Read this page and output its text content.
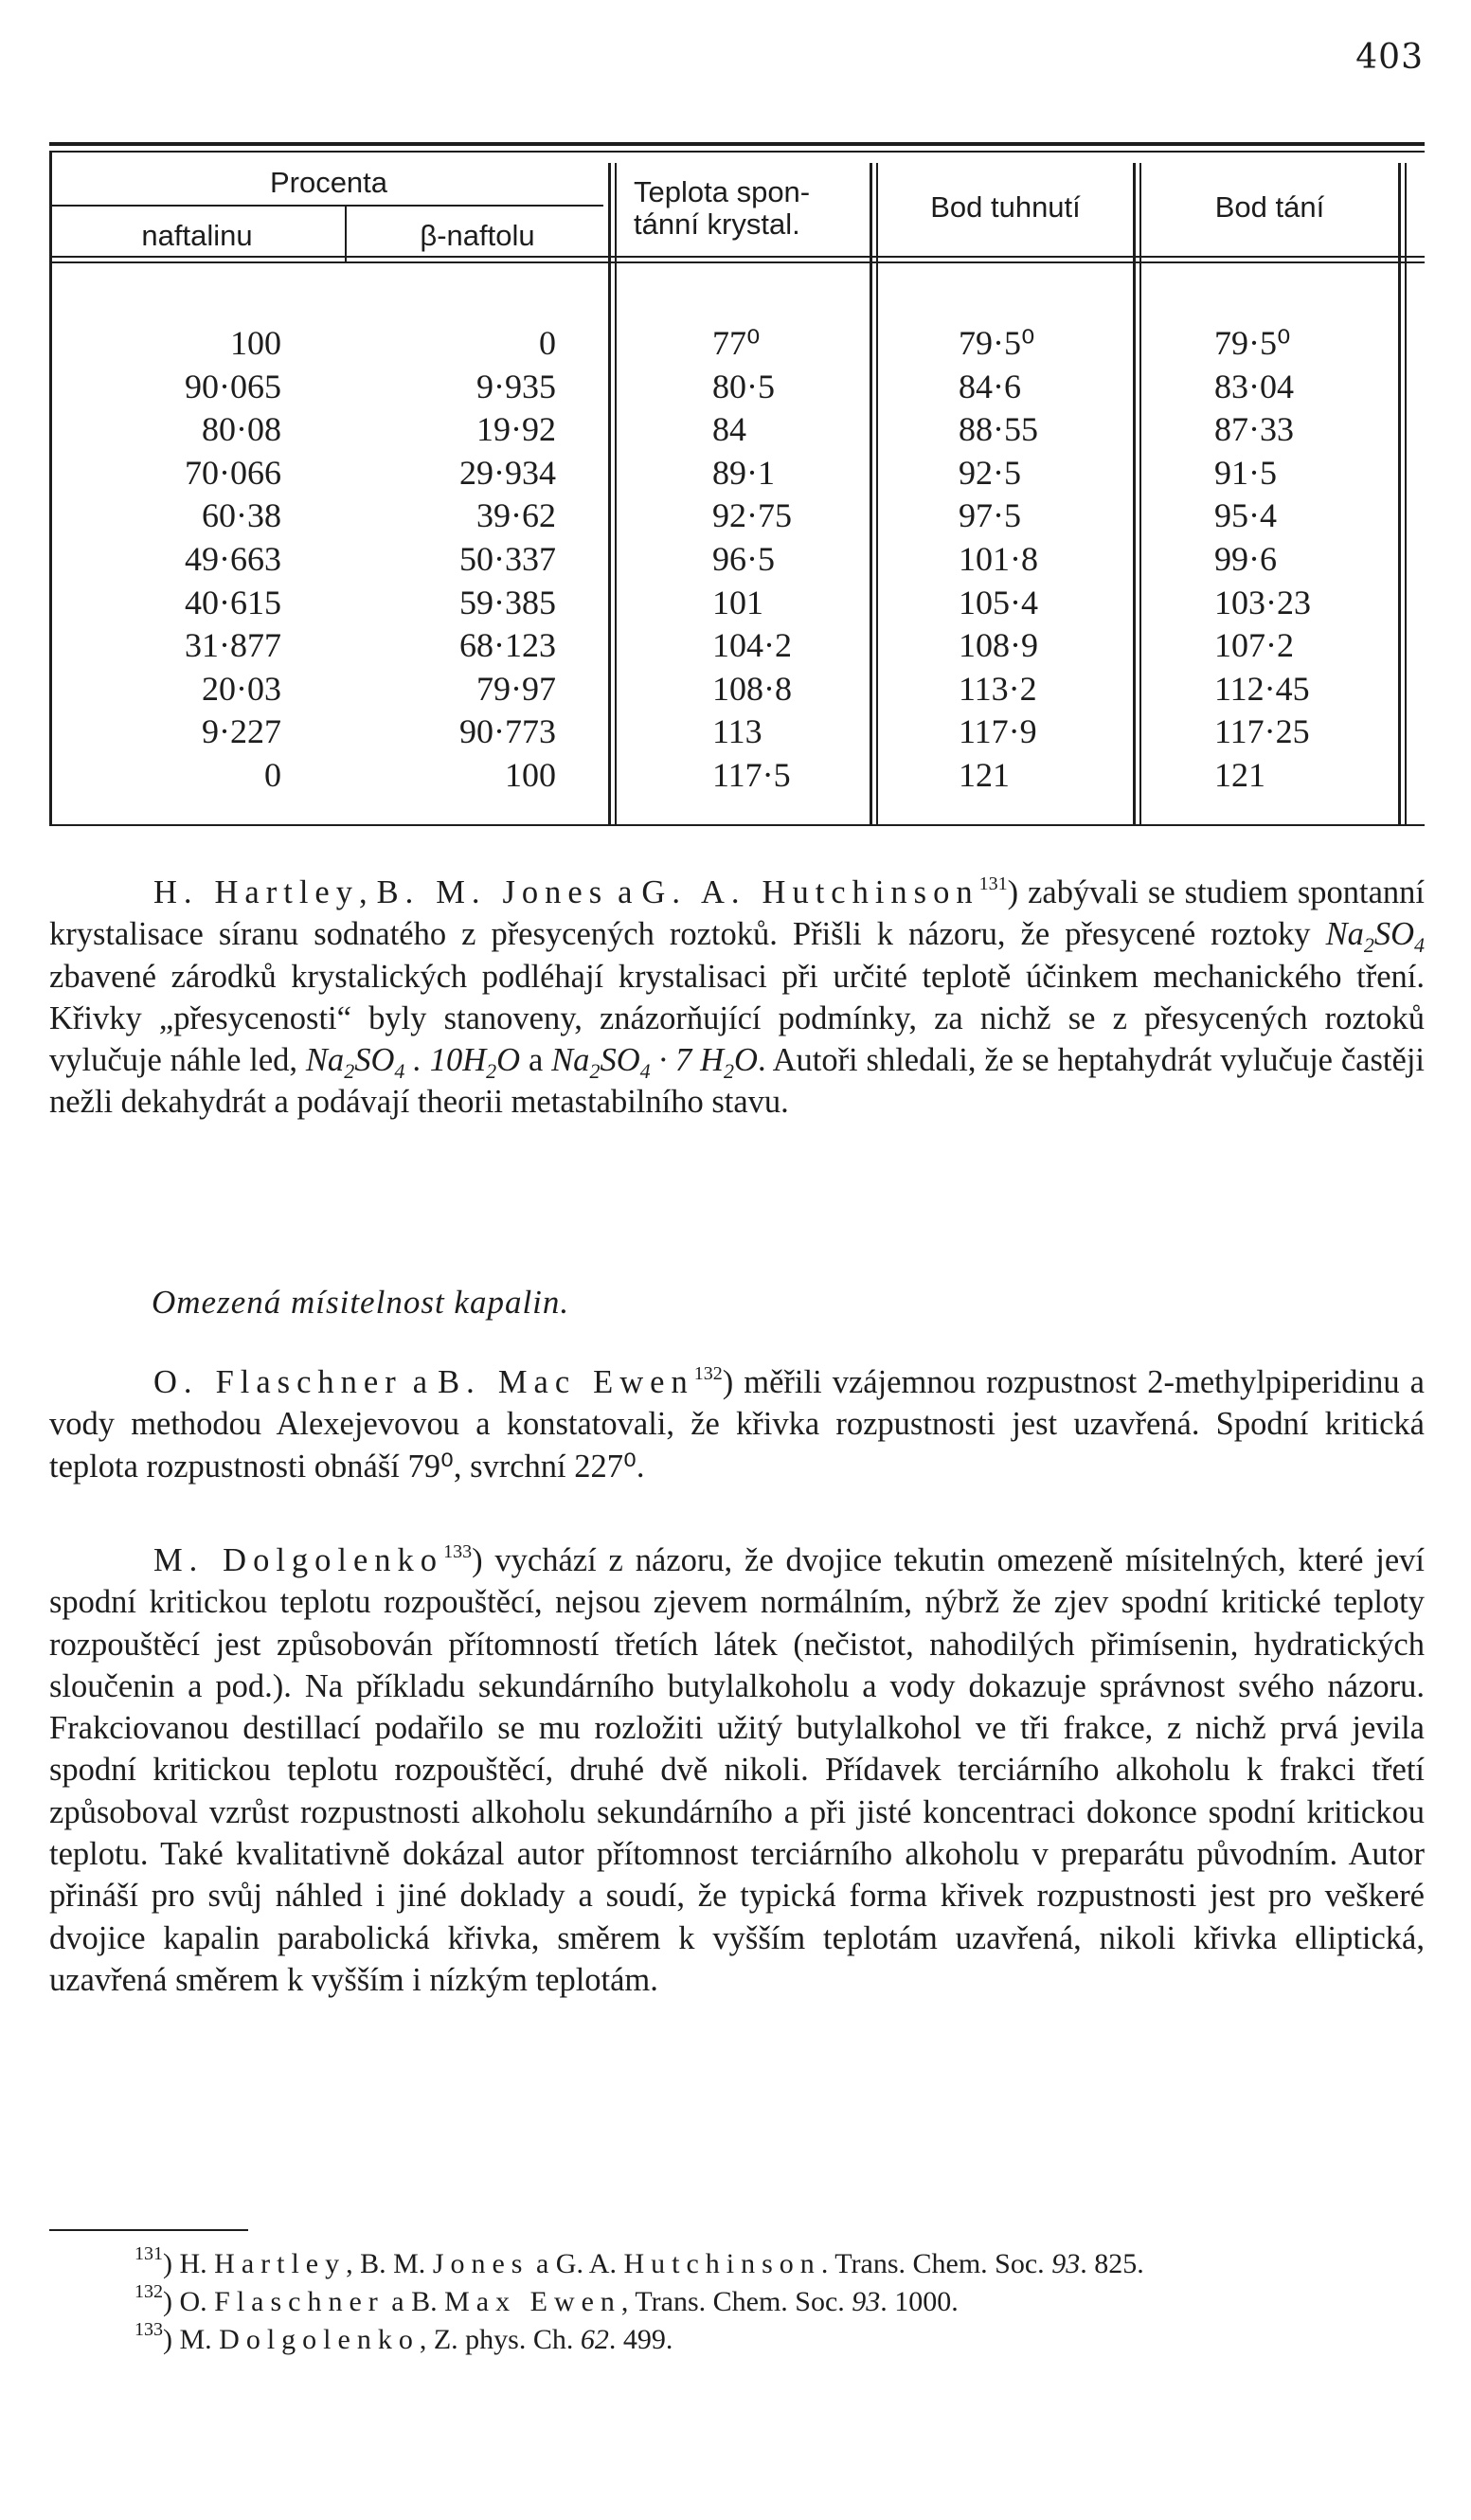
403
Procenta
naftalinu	β-naftolu
Teplota spon-
tánní krystal.
Bod tuhnutí	Bod tání
100	0	77⁰	79·5⁰	79·5⁰
90·065	9·935	80·5	84·6	83·04
80·08	19·92	84	88·55	87·33
70·066	29·934	89·1	92·5	91·5
60·38	39·62	92·75	97·5	95·4
49·663	50·337	96·5	101·8	99·6
40·615	59·385	101	105·4	103·23
31·877	68·123	104·2	108·9	107·2
20·03	79·97	108·8	113·2	112·45
9·227	90·773	113	117·9	117·25
0	100	117·5	121	121

H. Hartley, B. M. Jones a G. A. Hutchinson$^{131}$) zabývali se studiem spontanní krystalisace síranu sodnatého z přesycených roztoků. Přišli k názoru, že přesycené roztoky $Na_2SO_4$ zbavené zárodků krystalických podléhají krystalisaci při určité teplotě účinkem mechanického tření. Křivky „přesycenosti“ byly stanoveny, znázorňující podmínky, za nichž se z přesycených roztoků vylučuje náhle led, $Na_2SO_4$ . $10H_2O$ a $Na_2SO_4 \cdot 7$ $H_2O$. Autoři shledali, že se heptahydrát vylučuje častěji nežli dekahydrát a podávají theorii metastabilního stavu.

Omezená mísitelnost kapalin.

O. Flaschner a B. Mac Ewen$^{132}$) měřili vzájemnou rozpustnost 2-methylpiperidinu a vody methodou Alexejevovou a konstatovali, že křivka rozpustnosti jest uzavřená. Spodní kritická teplota rozpustnosti obnáší 79⁰, svrchní 227⁰.

M. Dolgolenko$^{133}$) vychází z názoru, že dvojice tekutin omezeně mísitelných, které jeví spodní kritickou teplotu rozpouštěcí, nejsou zjevem normálním, nýbrž že zjev spodní kritické teploty rozpouštěcí jest způsobován přítomností třetích látek (nečistot, nahodilých přimísenin, hydratických sloučenin a pod.). Na příkladu sekundárního butylalkoholu a vody dokazuje správnost svého názoru. Frakciovanou destillací podařilo se mu rozložiti užitý butylalkohol ve tři frakce, z nichž prvá jevila spodní kritickou teplotu rozpouštěcí, druhé dvě nikoli. Přídavek terciárního alkoholu k frakci třetí způsoboval vzrůst rozpustnosti alkoholu sekundárního a při jisté koncentraci dokonce spodní kritickou teplotu. Také kvalitativně dokázal autor přítomnost terciárního alkoholu v preparátu původním. Autor přináší pro svůj náhled i jiné doklady a soudí, že typická forma křivek rozpustnosti jest pro veškeré dvojice kapalin parabolická křivka, směrem k vyšším teplotám uzavřená, nikoli křivka elliptická, uzavřená směrem k vyšším i nízkým teplotám.

$^{131}$) H. Hartley, B. M. Jones a G. A. Hutchinson. Trans. Chem. Soc. 93. 825.

$^{132}$) O. Flaschner a B. Max Ewen, Trans. Chem. Soc. 93. 1000.

$^{133}$) M. Dolgolenko, Z. phys. Ch. 62. 499.
